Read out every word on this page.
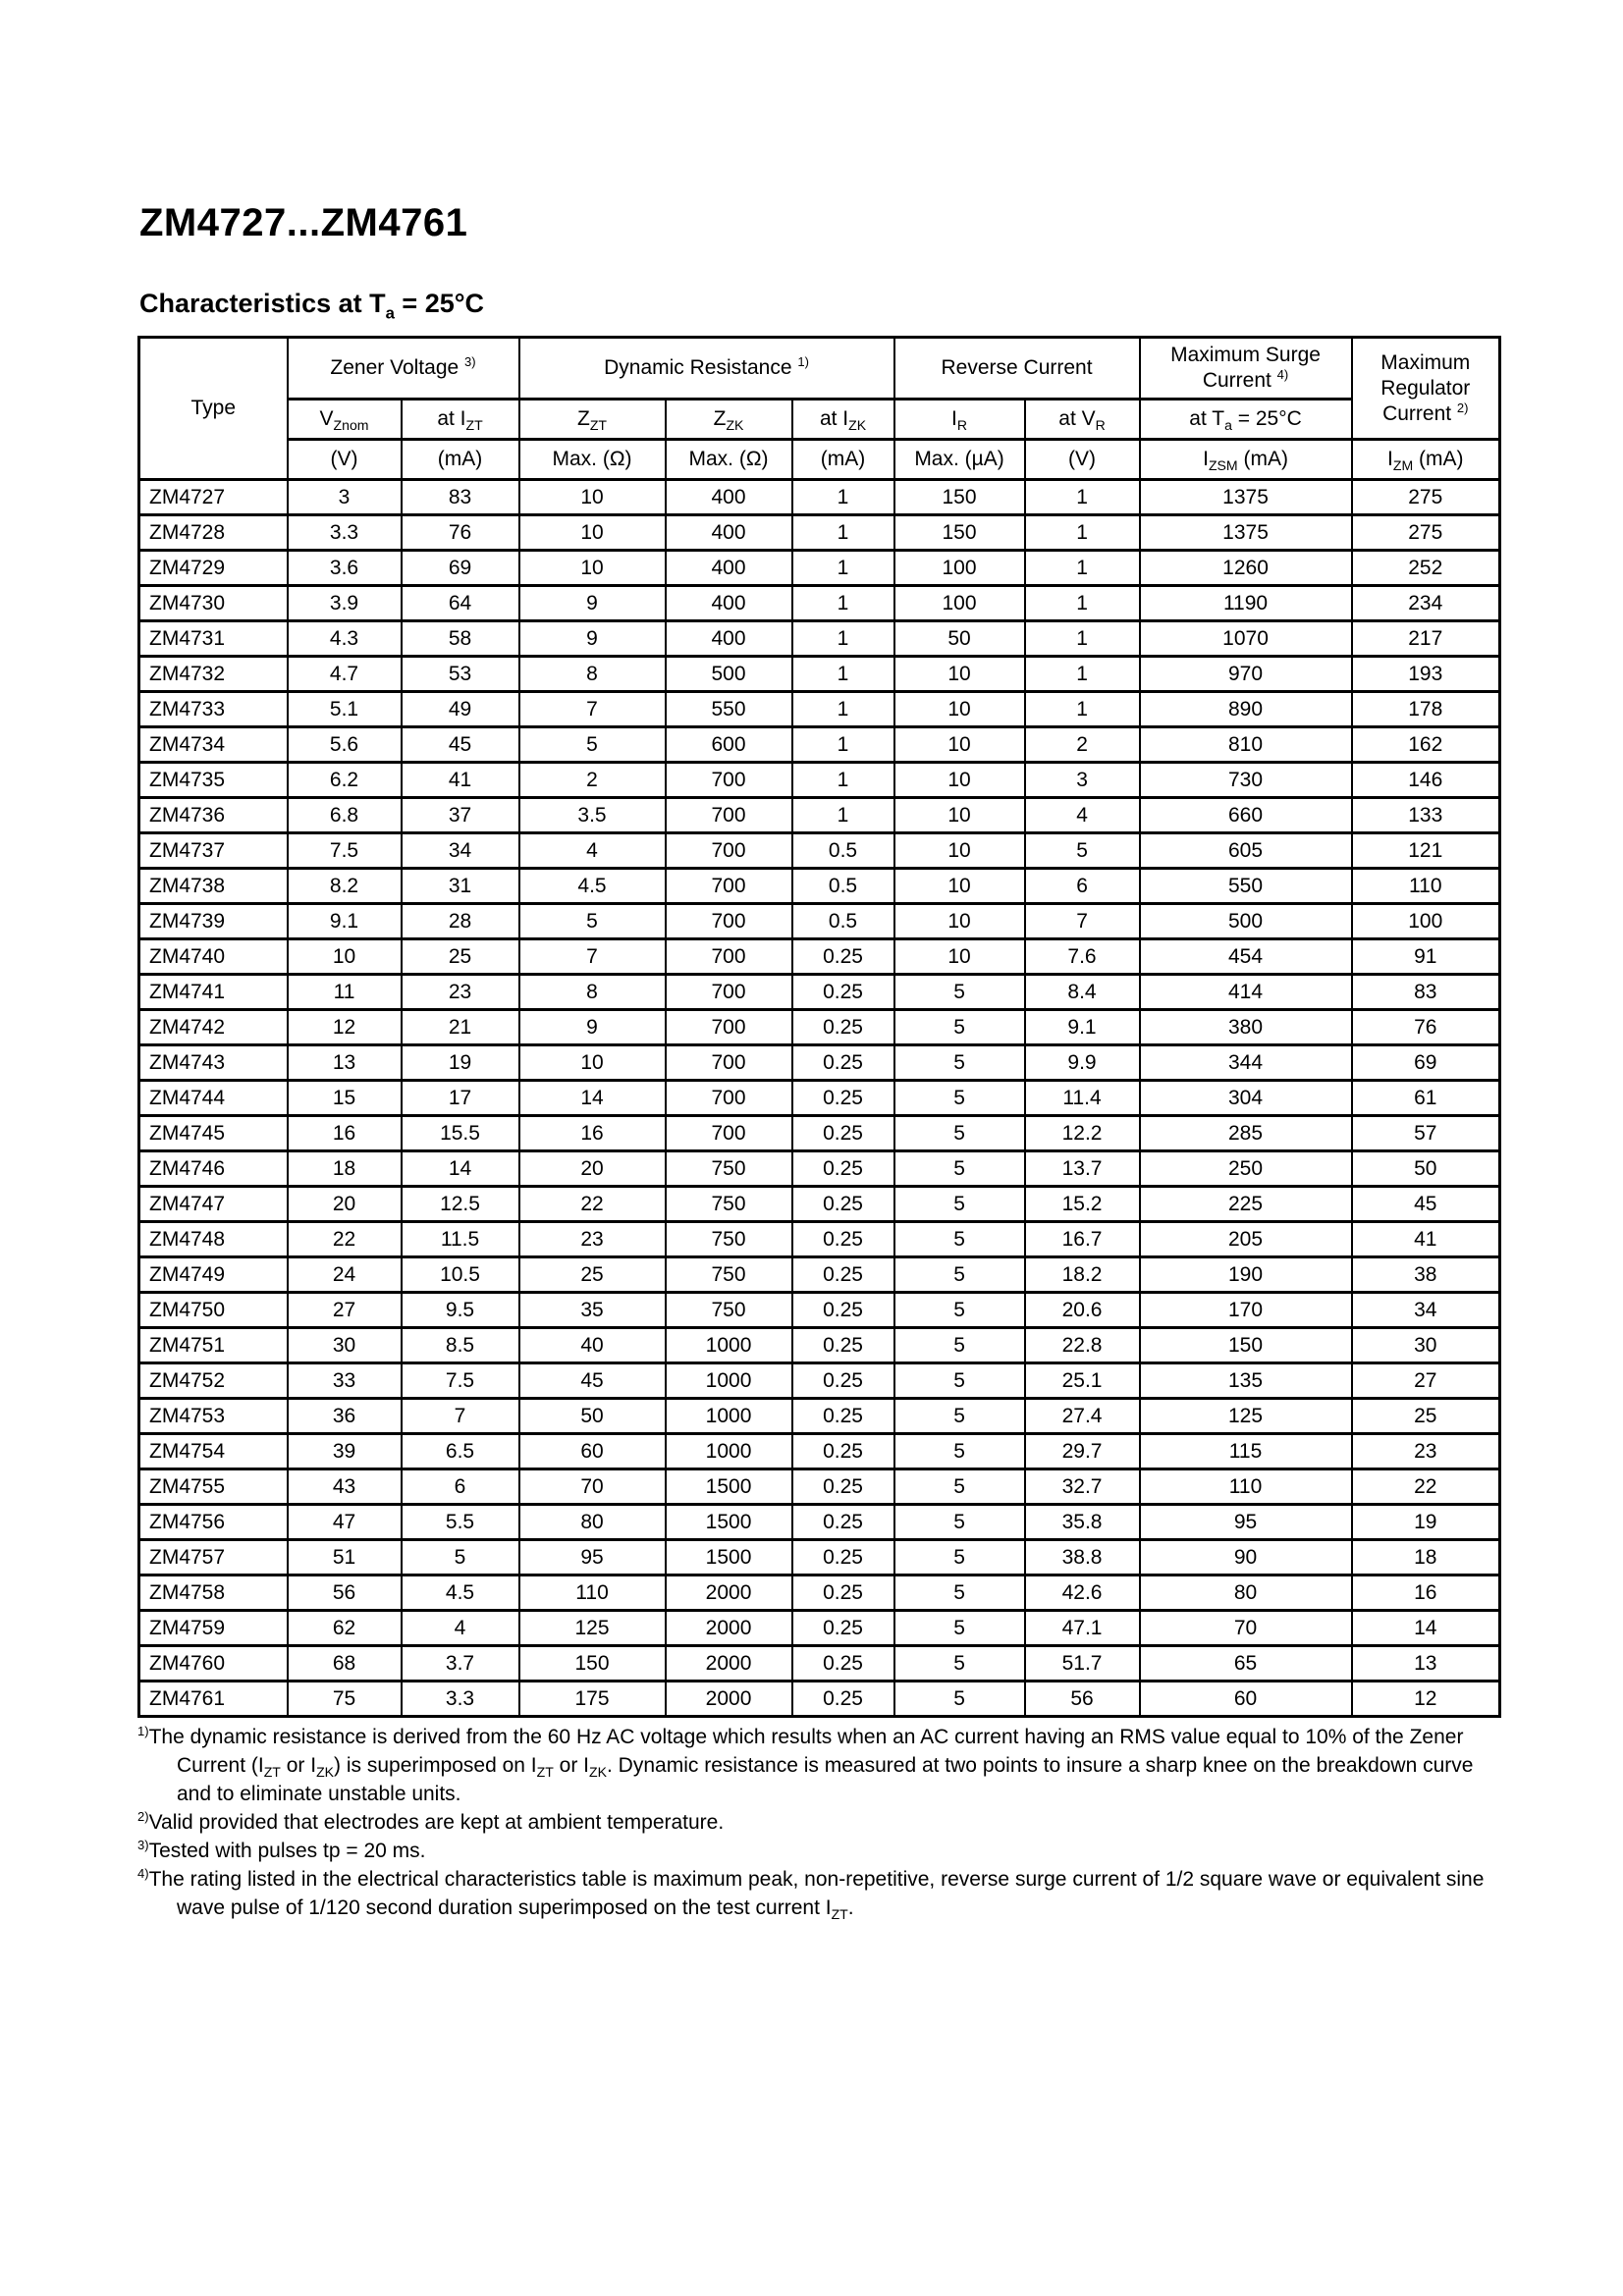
ZM4727...ZM4761
Characteristics at $T_a = 25^\circ C$
Type	Zener Voltage $^{3)}$		Dynamic Resistance $^{1)}$			Reverse Current		Maximum Surge Current $^{4)}$	Maximum Regulator Current $^{2)}$
	$V_{Znom}$	at $I_{ZT}$	$Z_{ZT}$	$Z_{ZK}$	at $I_{ZK}$	$I_R$	at $V_R$	at $T_a = 25^\circ C$	
	(V)	(mA)	Max. (Ω)	Max. (Ω)	(mA)	Max. (µA)	(V)	$I_{ZSM}$ (mA)	$I_{ZM}$ (mA)
ZM4727	3	83	10	400	1	150	1	1375	275
ZM4728	3.3	76	10	400	1	150	1	1375	275
ZM4729	3.6	69	10	400	1	100	1	1260	252
ZM4730	3.9	64	9	400	1	100	1	1190	234
ZM4731	4.3	58	9	400	1	50	1	1070	217
ZM4732	4.7	53	8	500	1	10	1	970	193
ZM4733	5.1	49	7	550	1	10	1	890	178
ZM4734	5.6	45	5	600	1	10	2	810	162
ZM4735	6.2	41	2	700	1	10	3	730	146
ZM4736	6.8	37	3.5	700	1	10	4	660	133
ZM4737	7.5	34	4	700	0.5	10	5	605	121
ZM4738	8.2	31	4.5	700	0.5	10	6	550	110
ZM4739	9.1	28	5	700	0.5	10	7	500	100
ZM4740	10	25	7	700	0.25	10	7.6	454	91
ZM4741	11	23	8	700	0.25	5	8.4	414	83
ZM4742	12	21	9	700	0.25	5	9.1	380	76
ZM4743	13	19	10	700	0.25	5	9.9	344	69
ZM4744	15	17	14	700	0.25	5	11.4	304	61
ZM4745	16	15.5	16	700	0.25	5	12.2	285	57
ZM4746	18	14	20	750	0.25	5	13.7	250	50
ZM4747	20	12.5	22	750	0.25	5	15.2	225	45
ZM4748	22	11.5	23	750	0.25	5	16.7	205	41
ZM4749	24	10.5	25	750	0.25	5	18.2	190	38
ZM4750	27	9.5	35	750	0.25	5	20.6	170	34
ZM4751	30	8.5	40	1000	0.25	5	22.8	150	30
ZM4752	33	7.5	45	1000	0.25	5	25.1	135	27
ZM4753	36	7	50	1000	0.25	5	27.4	125	25
ZM4754	39	6.5	60	1000	0.25	5	29.7	115	23
ZM4755	43	6	70	1500	0.25	5	32.7	110	22
ZM4756	47	5.5	80	1500	0.25	5	35.8	95	19
ZM4757	51	5	95	1500	0.25	5	38.8	90	18
ZM4758	56	4.5	110	2000	0.25	5	42.6	80	16
ZM4759	62	4	125	2000	0.25	5	47.1	70	14
ZM4760	68	3.7	150	2000	0.25	5	51.7	65	13
ZM4761	75	3.3	175	2000	0.25	5	56	60	12

$^{1)}$The dynamic resistance is derived from the 60 Hz AC voltage which results when an AC current having an RMS value equal to 10% of the Zener Current ($I_{ZT}$ or $I_{ZK}$) is superimposed on $I_{ZT}$ or $I_{ZK}$. Dynamic resistance is measured at two points to insure a sharp knee on the breakdown curve and to eliminate unstable units.

$^{2)}$Valid provided that electrodes are kept at ambient temperature.

$^{3)}$Tested with pulses tp = 20 ms.

$^{4)}$The rating listed in the electrical characteristics table is maximum peak, non-repetitive, reverse surge current of 1/2 square wave or equivalent sine wave pulse of 1/120 second duration superimposed on the test current $I_{ZT}$.
